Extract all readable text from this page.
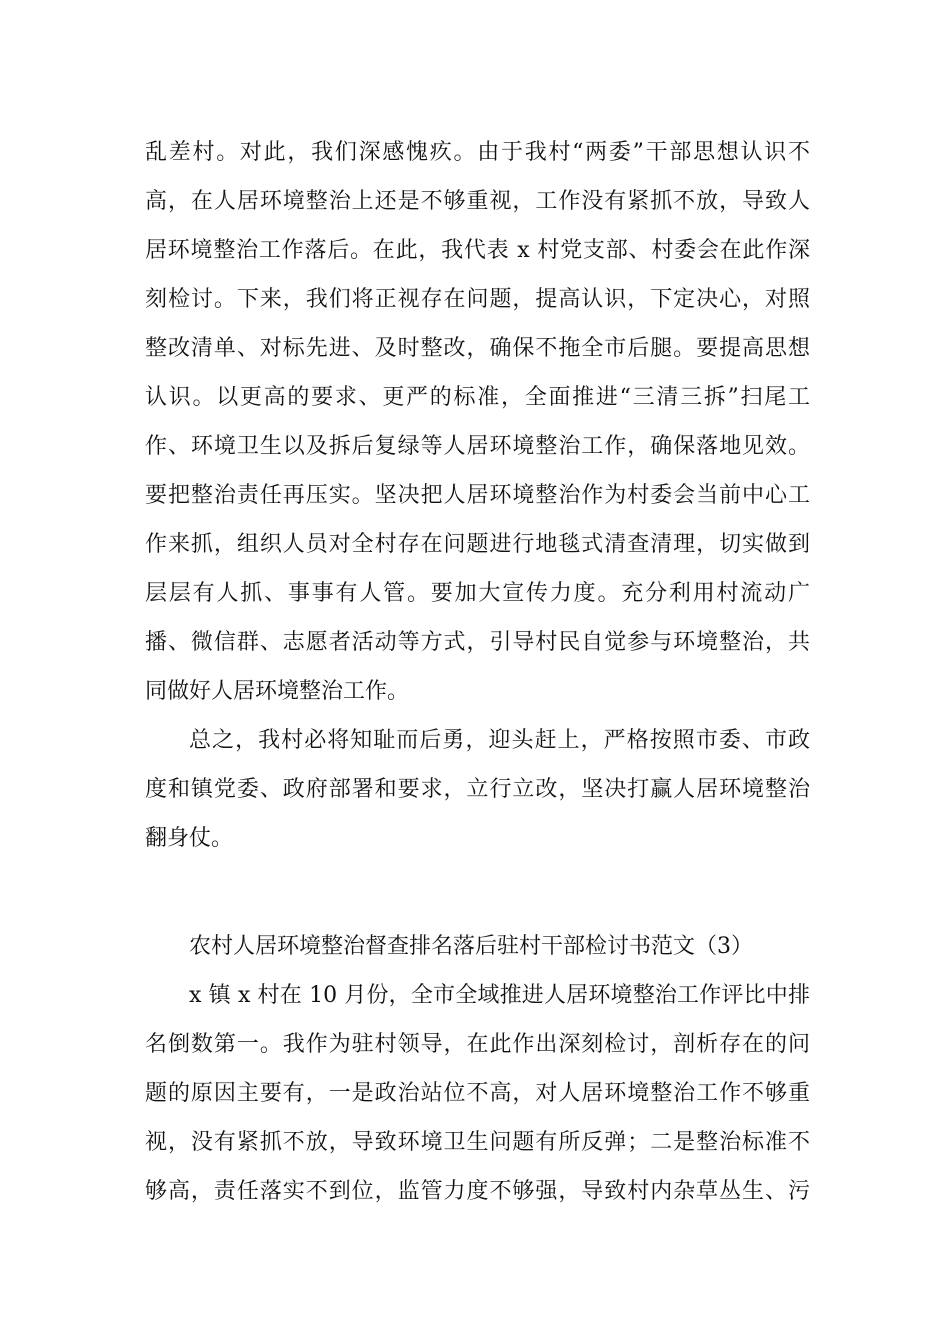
乱差村。对此，我们深感愧疚。由于我村“两委”干部思想认识不
高，在人居环境整治上还是不够重视，工作没有紧抓不放，导致人
居环境整治工作落后。在此，我代表 x 村党支部、村委会在此作深
刻检讨。下来，我们将正视存在问题，提高认识，下定决心，对照
整改清单、对标先进、及时整改，确保不拖全市后腿。要提高思想
认识。以更高的要求、更严的标准，全面推进“三清三拆”扫尾工
作、环境卫生以及拆后复绿等人居环境整治工作，确保落地见效。
要把整治责任再压实。坚决把人居环境整治作为村委会当前中心工
作来抓，组织人员对全村存在问题进行地毯式清查清理，切实做到
层层有人抓、事事有人管。要加大宣传力度。充分利用村流动广
播、微信群、志愿者活动等方式，引导村民自觉参与环境整治，共
同做好人居环境整治工作。
总之，我村必将知耻而后勇，迎头赶上，严格按照市委、市政
度和镇党委、政府部署和要求，立行立改，坚决打赢人居环境整治
翻身仗。
农村人居环境整治督查排名落后驻村干部检讨书范文（3）
x 镇 x 村在 10 月份，全市全域推进人居环境整治工作评比中排
名倒数第一。我作为驻村领导，在此作出深刻检讨，剖析存在的问
题的原因主要有，一是政治站位不高，对人居环境整治工作不够重
视，没有紧抓不放，导致环境卫生问题有所反弹；二是整治标准不
够高，责任落实不到位，监管力度不够强，导致村内杂草丛生、污
